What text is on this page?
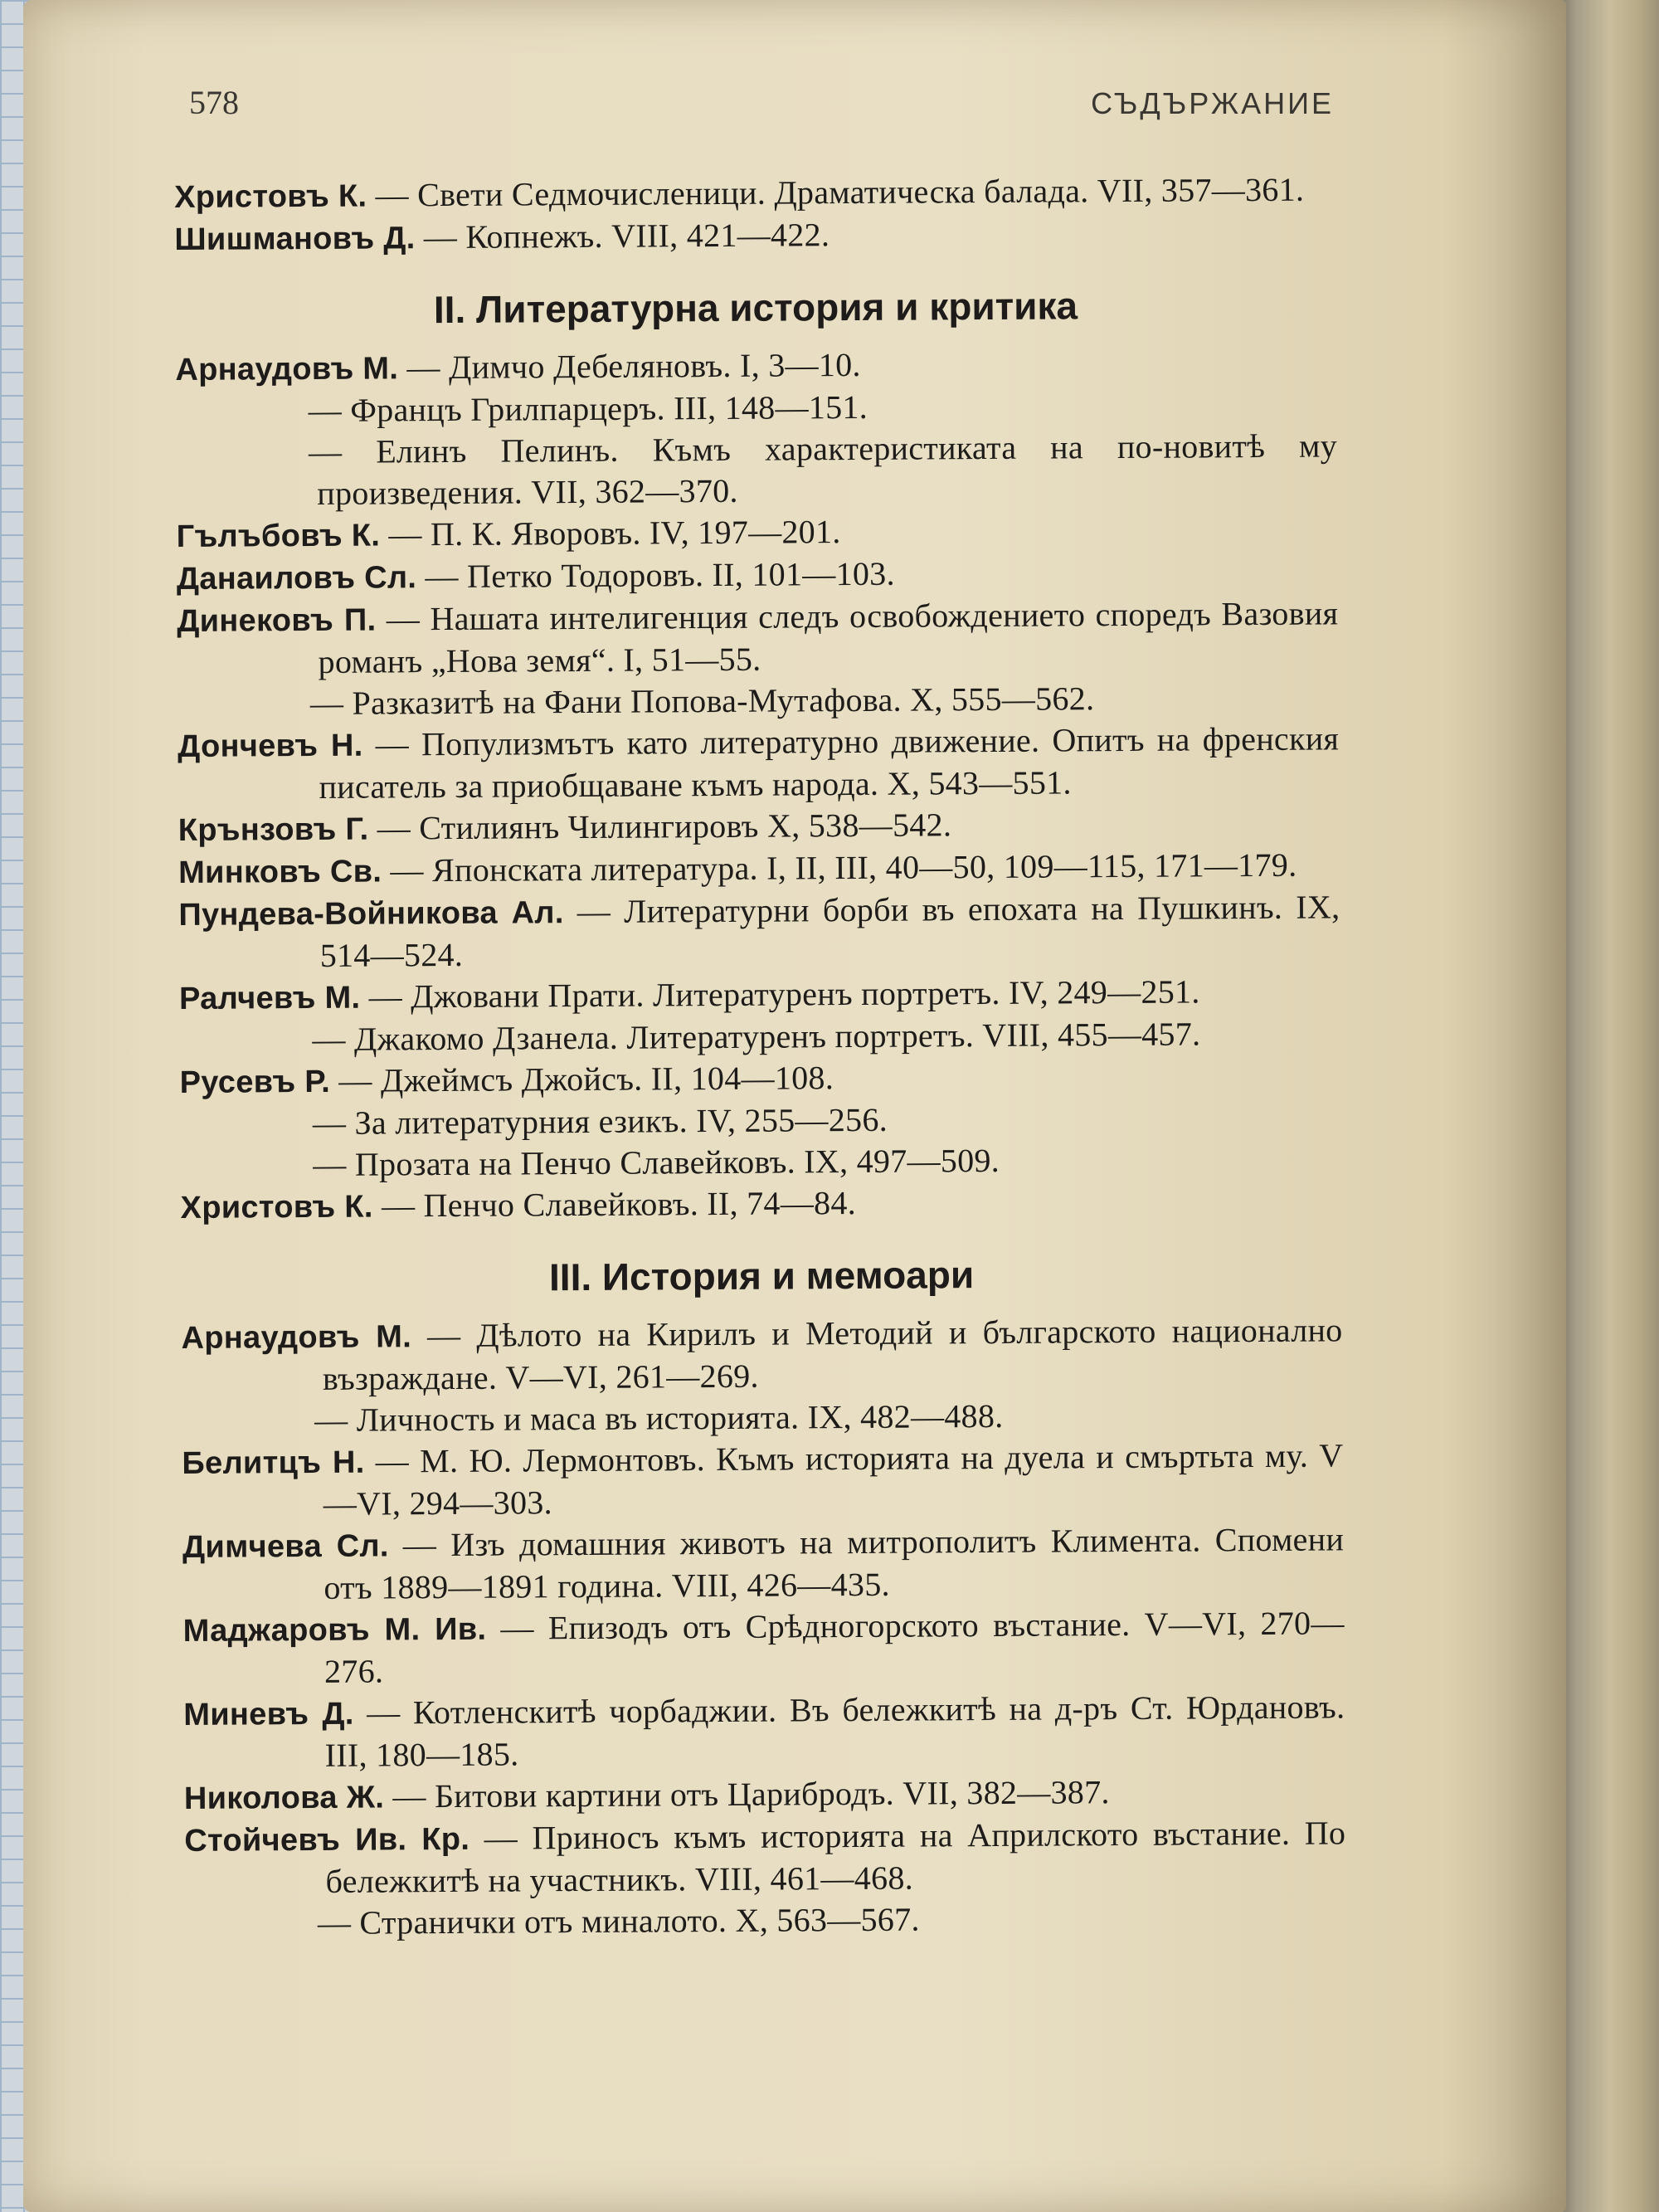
578	СЪДЪРЖАНИЕ
Христовъ К. — Свети Седмочисленици. Драматическа балада. VII, 357—361.
Шишмановъ Д. — Копнежъ. VIII, 421—422.
II. Литературна история и критика
Арнаудовъ М. — Димчо Дебеляновъ. I, 3—10.
— Францъ Грилпарцеръ. III, 148—151.
— Елинъ Пелинъ. Къмъ характеристиката на по-новитѣ му произведения. VII, 362—370.
Гълъбовъ К. — П. К. Яворовъ. IV, 197—201.
Данаиловъ Сл. — Петко Тодоровъ. II, 101—103.
Динековъ П. — Нашата интелигенция следъ освобождението споредъ Вазовия романъ „Нова земя“. I, 51—55.
— Разказитѣ на Фани Попова-Мутафова. X, 555—562.
Дончевъ Н. — Популизмътъ като литературно движение. Опитъ на френския писатель за приобщаване къмъ народа. X, 543—551.
Крънзовъ Г. — Стилиянъ Чилингировъ X, 538—542.
Минковъ Св. — Японската литература. I, II, III, 40—50, 109—115, 171—179.
Пундева-Войникова Ал. — Литературни борби въ епохата на Пушкинъ. IX, 514—524.
Ралчевъ М. — Джовани Прати. Литературенъ портретъ. IV, 249—251.
— Джакомо Дзанела. Литературенъ портретъ. VIII, 455—457.
Русевъ Р. — Джеймсъ Джойсъ. II, 104—108.
— За литературния езикъ. IV, 255—256.
— Прозата на Пенчо Славейковъ. IX, 497—509.
Христовъ К. — Пенчо Славейковъ. II, 74—84.
III. История и мемоари
Арнаудовъ М. — Дѣлото на Кирилъ и Методий и българското национално възраждане. V—VI, 261—269.
— Личность и маса въ историята. IX, 482—488.
Белитцъ Н. — М. Ю. Лермонтовъ. Къмъ историята на дуела и смъртьта му. V—VI, 294—303.
Димчева Сл. — Изъ домашния животъ на митрополитъ Климента. Спомени отъ 1889—1891 година. VIII, 426—435.
Маджаровъ М. Ив. — Епизодъ отъ Срѣдногорското въстание. V—VI, 270—276.
Миневъ Д. — Котленскитѣ чорбаджии. Въ бележкитѣ на д-ръ Ст. Юрдановъ. III, 180—185.
Николова Ж. — Битови картини отъ Царибродъ. VII, 382—387.
Стойчевъ Ив. Кр. — Приносъ къмъ историята на Априлското въстание. По бележкитѣ на участникъ. VIII, 461—468.
— Странички отъ миналото. X, 563—567.
